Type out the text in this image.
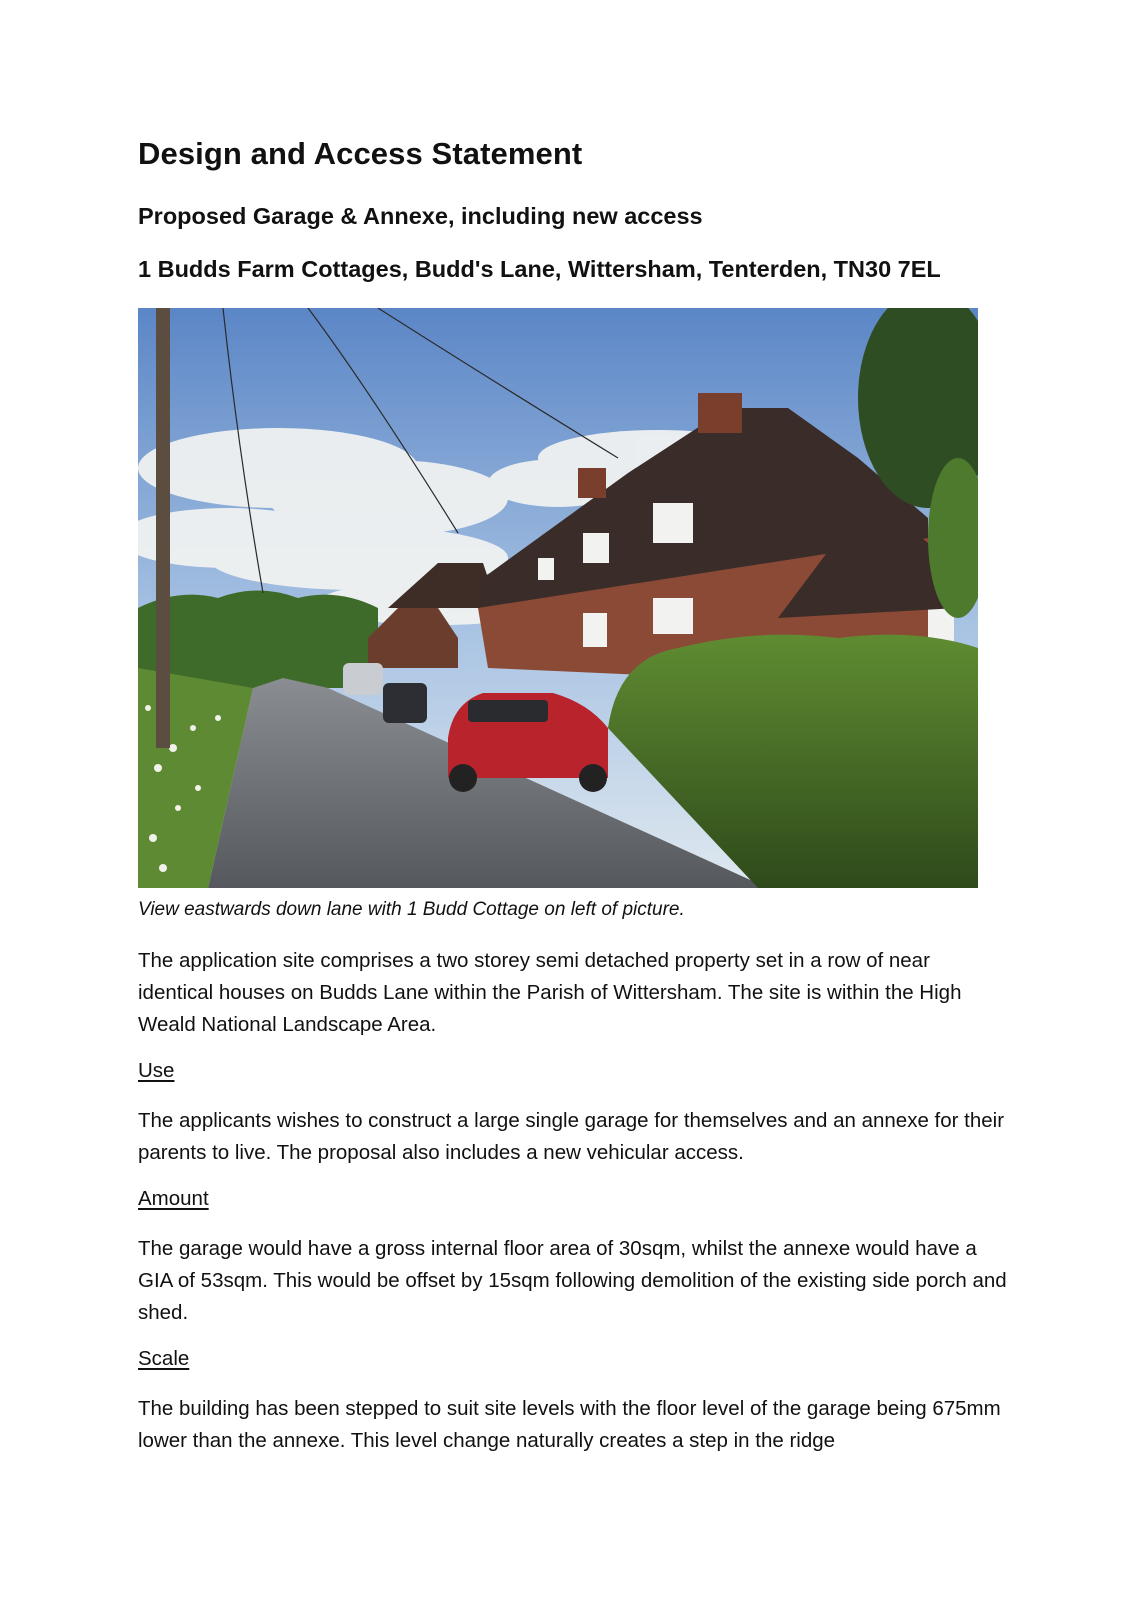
Design and Access Statement
Proposed Garage & Annexe, including new access
1 Budds Farm Cottages, Budd's Lane, Wittersham, Tenterden, TN30 7EL

View eastwards down lane with 1 Budd Cottage on left of picture.

The application site comprises a two storey semi detached property set in a row of near identical houses on Budds Lane within the Parish of Wittersham. The site is within the High Weald National Landscape Area.

Use

The applicants wishes to construct a large single garage for themselves and an annexe for their parents to live. The proposal also includes a new vehicular access.

Amount

The garage would have a gross internal floor area of 30sqm, whilst the annexe would have a GIA of 53sqm. This would be offset by 15sqm following demolition of the existing side porch and shed.

Scale

The building has been stepped to suit site levels with the floor level of the garage being 675mm lower than the annexe. This level change naturally creates a step in the ridge
